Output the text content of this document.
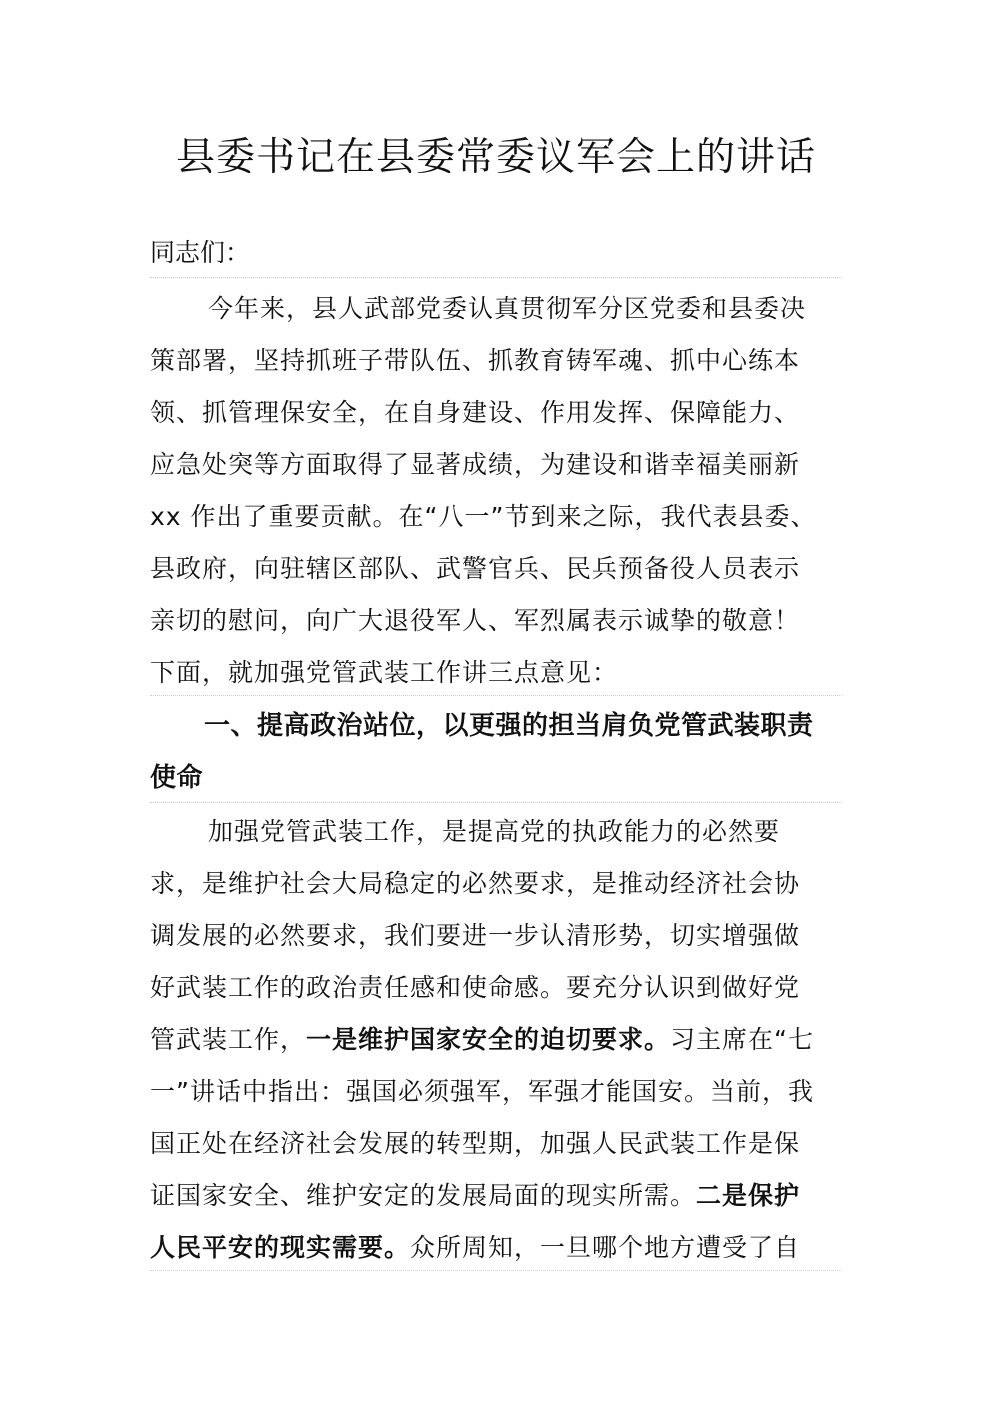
县委书记在县委常委议军会上的讲话
同志们：
今年来，县人武部党委认真贯彻军分区党委和县委决
策部署，坚持抓班子带队伍、抓教育铸军魂、抓中心练本
领、抓管理保安全，在自身建设、作用发挥、保障能力、
应急处突等方面取得了显著成绩，为建设和谐幸福美丽新
xx 作出了重要贡献。在“八一”节到来之际，我代表县委、
县政府，向驻辖区部队、武警官兵、民兵预备役人员表示
亲切的慰问，向广大退役军人、军烈属表示诚挚的敬意！
下面，就加强党管武装工作讲三点意见：
一、提高政治站位，以更强的担当肩负党管武装职责
使命
加强党管武装工作，是提高党的执政能力的必然要
求，是维护社会大局稳定的必然要求，是推动经济社会协
调发展的必然要求，我们要进一步认清形势，切实增强做
好武装工作的政治责任感和使命感。要充分认识到做好党
管武装工作，一是维护国家安全的迫切要求。习主席在“七
一”讲话中指出：强国必须强军，军强才能国安。当前，我
国正处在经济社会发展的转型期，加强人民武装工作是保
证国家安全、维护安定的发展局面的现实所需。二是保护
人民平安的现实需要。众所周知，一旦哪个地方遭受了自
